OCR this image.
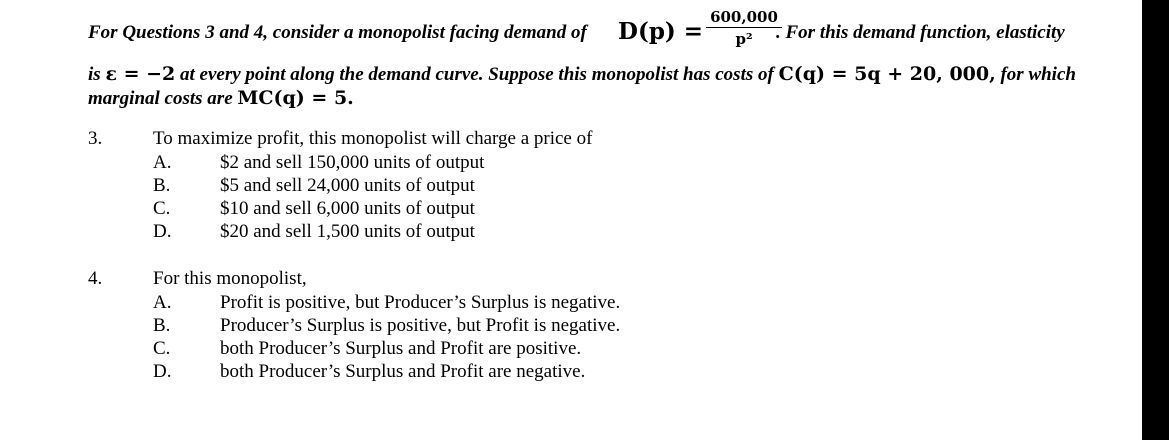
For Questions 3 and 4, consider a monopolist facing demand of $D(p) = \frac{600,000}{\text{p²}}$
. For this demand function, elasticity
is ε = −2 at every point along the demand curve. Suppose this monopolist has costs of C(q) = 5q + 20, 000, for which
marginal costs are MC(q) = 5.
3.	To maximize profit, this monopolist will charge a price of
A.	$2 and sell 150,000 units of output
B.	$5 and sell 24,000 units of output
C.	$10 and sell 6,000 units of output
D.	$20 and sell 1,500 units of output
4.	For this monopolist,
A.	Profit is positive, but Producer’s Surplus is negative.
B.	Producer’s Surplus is positive, but Profit is negative.
C.	both Producer’s Surplus and Profit are positive.
D.	both Producer’s Surplus and Profit are negative.
